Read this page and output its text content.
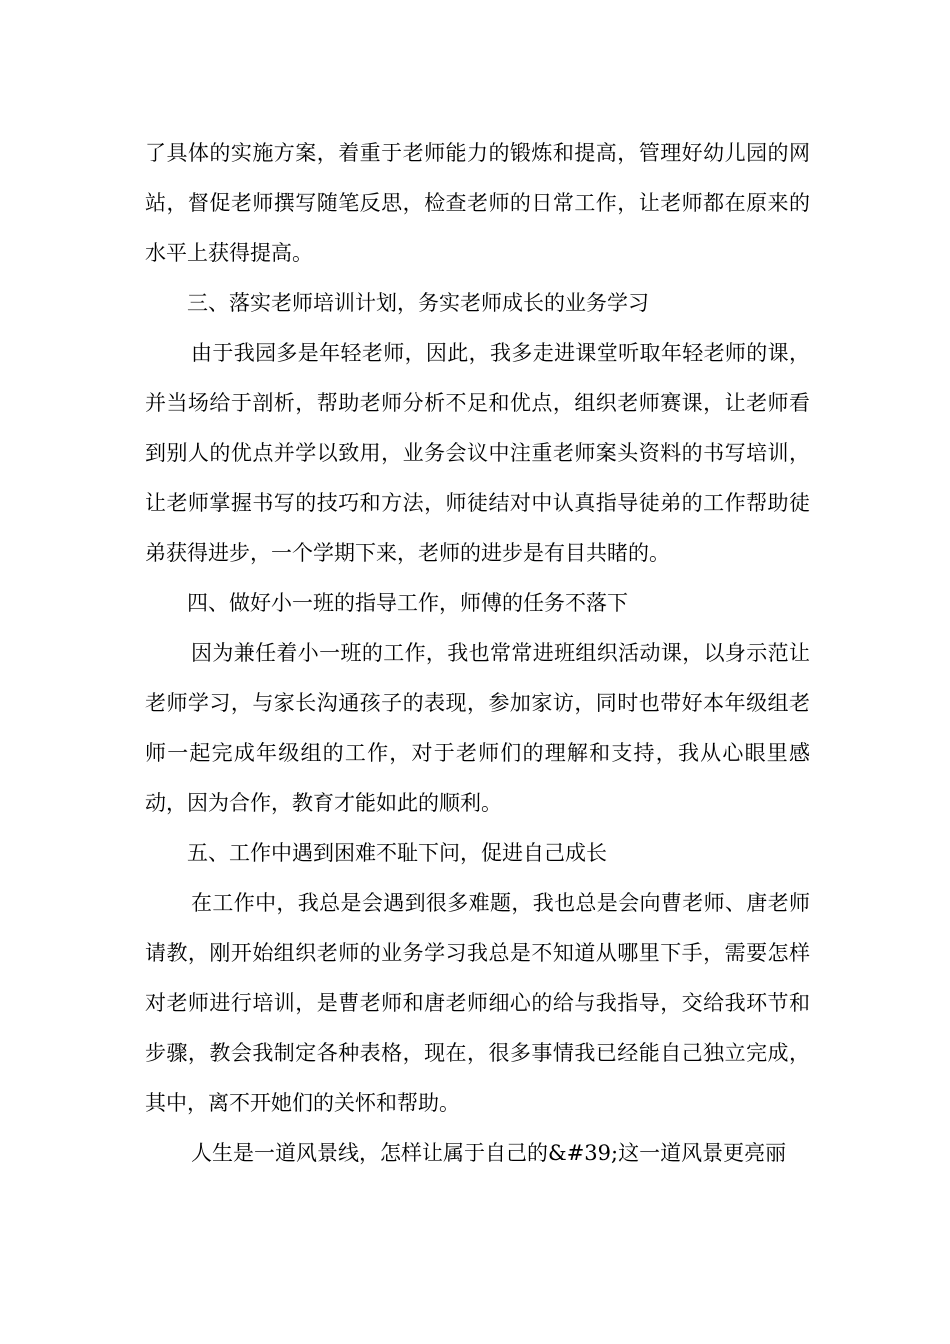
了具体的实施方案，着重于老师能力的锻炼和提高，管理好幼儿园的网站，督促老师撰写随笔反思，检查老师的日常工作，让老师都在原来的水平上获得提高。

三、落实老师培训计划，务实老师成长的业务学习

由于我园多是年轻老师，因此，我多走进课堂听取年轻老师的课，并当场给于剖析，帮助老师分析不足和优点，组织老师赛课，让老师看到别人的优点并学以致用，业务会议中注重老师案头资料的书写培训，让老师掌握书写的技巧和方法，师徒结对中认真指导徒弟的工作帮助徒弟获得进步，一个学期下来，老师的进步是有目共睹的。

四、做好小一班的指导工作，师傅的任务不落下

因为兼任着小一班的工作，我也常常进班组织活动课，以身示范让老师学习，与家长沟通孩子的表现，参加家访，同时也带好本年级组老师一起完成年级组的工作，对于老师们的理解和支持，我从心眼里感动，因为合作，教育才能如此的顺利。

五、工作中遇到困难不耻下问，促进自己成长

在工作中，我总是会遇到很多难题，我也总是会向曹老师、唐老师请教，刚开始组织老师的业务学习我总是不知道从哪里下手，需要怎样对老师进行培训，是曹老师和唐老师细心的给与我指导，交给我环节和步骤，教会我制定各种表格，现在，很多事情我已经能自己独立完成，其中，离不开她们的关怀和帮助。

人生是一道风景线，怎样让属于自己的&#39;这一道风景更亮丽
